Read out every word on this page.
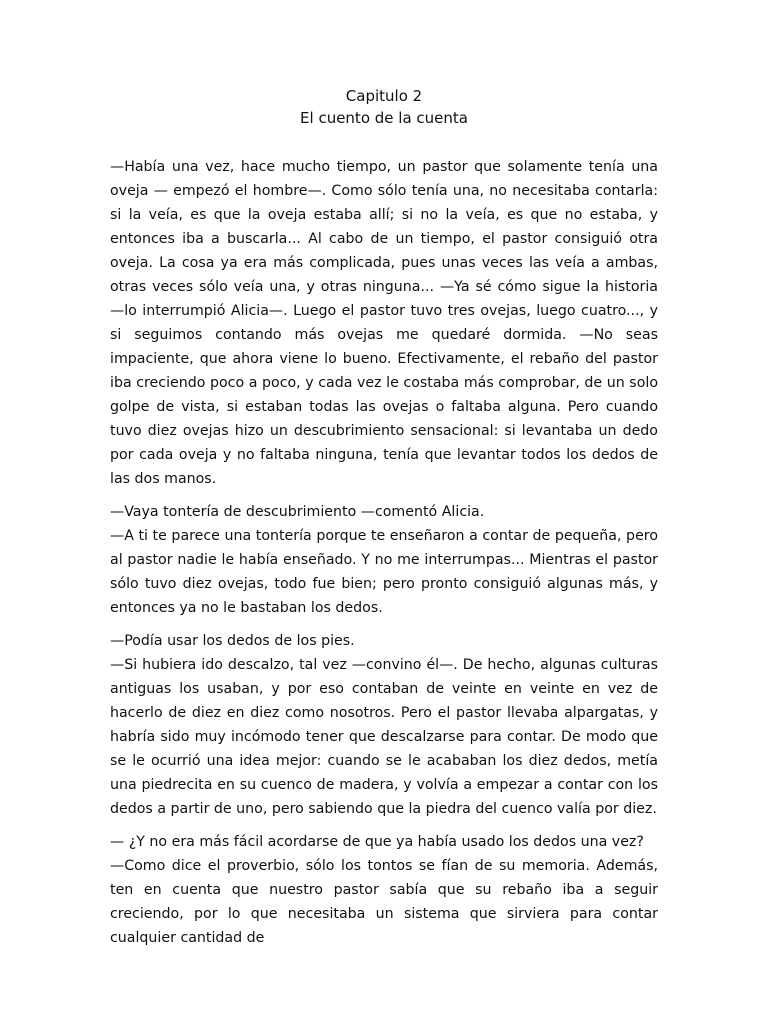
Capitulo 2
El cuento de la cuenta

—Había una vez, hace mucho tiempo, un pastor que solamente tenía una oveja — empezó el hombre—. Como sólo tenía una, no necesitaba contarla: si la veía, es que la oveja estaba allí; si no la veía, es que no estaba, y entonces iba a buscarla... Al cabo de un tiempo, el pastor consiguió otra oveja. La cosa ya era más complicada, pues unas veces las veía a ambas, otras veces sólo veía una, y otras ninguna... —Ya sé cómo sigue la historia —lo interrumpió Alicia—. Luego el pastor tuvo tres ovejas, luego cuatro..., y si seguimos contando más ovejas me quedaré dormida. —No seas impaciente, que ahora viene lo bueno. Efectivamente, el rebaño del pastor iba creciendo poco a poco, y cada vez le costaba más comprobar, de un solo golpe de vista, si estaban todas las ovejas o faltaba alguna. Pero cuando tuvo diez ovejas hizo un descubrimiento sensacional: si levantaba un dedo por cada oveja y no faltaba ninguna, tenía que levantar todos los dedos de las dos manos.

—Vaya tontería de descubrimiento —comentó Alicia.

—A ti te parece una tontería porque te enseñaron a contar de pequeña, pero al pastor nadie le había enseñado. Y no me interrumpas... Mientras el pastor sólo tuvo diez ovejas, todo fue bien; pero pronto consiguió algunas más, y entonces ya no le bastaban los dedos.

—Podía usar los dedos de los pies.

—Si hubiera ido descalzo, tal vez —convino él—. De hecho, algunas culturas antiguas los usaban, y por eso contaban de veinte en veinte en vez de hacerlo de diez en diez como nosotros. Pero el pastor llevaba alpargatas, y habría sido muy incómodo tener que descalzarse para contar. De modo que se le ocurrió una idea mejor: cuando se le acababan los diez dedos, metía una piedrecita en su cuenco de madera, y volvía a empezar a contar con los dedos a partir de uno, pero sabiendo que la piedra del cuenco valía por diez.

— ¿Y no era más fácil acordarse de que ya había usado los dedos una vez?

—Como dice el proverbio, sólo los tontos se fían de su memoria. Además, ten en cuenta que nuestro pastor sabía que su rebaño iba a seguir creciendo, por lo que necesitaba un sistema que sirviera para contar cualquier cantidad de
